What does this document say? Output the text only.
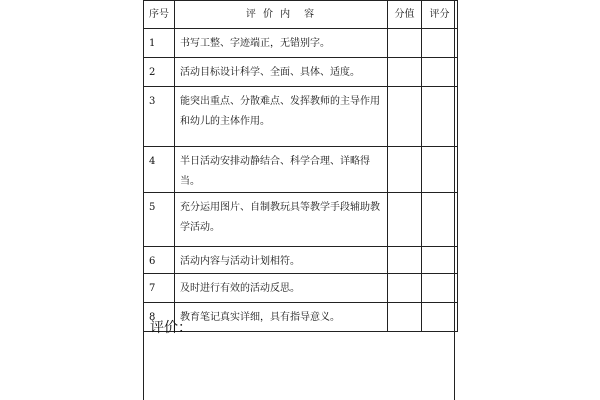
序号	评 价 内　容	分值	评分
1	书写工整、字迹端正，无错别字。		
2	活动目标设计科学、全面、具体、适度。		
3	能突出重点、分散难点、发挥教师的主导作用和幼儿的主体作用。		
4	半日活动安排动静结合、科学合理、详略得当。		
5	充分运用图片、自制教玩具等教学手段辅助教学活动。		
6	活动内容与活动计划相符。		
7	及时进行有效的活动反思。		
8	教育笔记真实详细，具有指导意义。		
评价：
